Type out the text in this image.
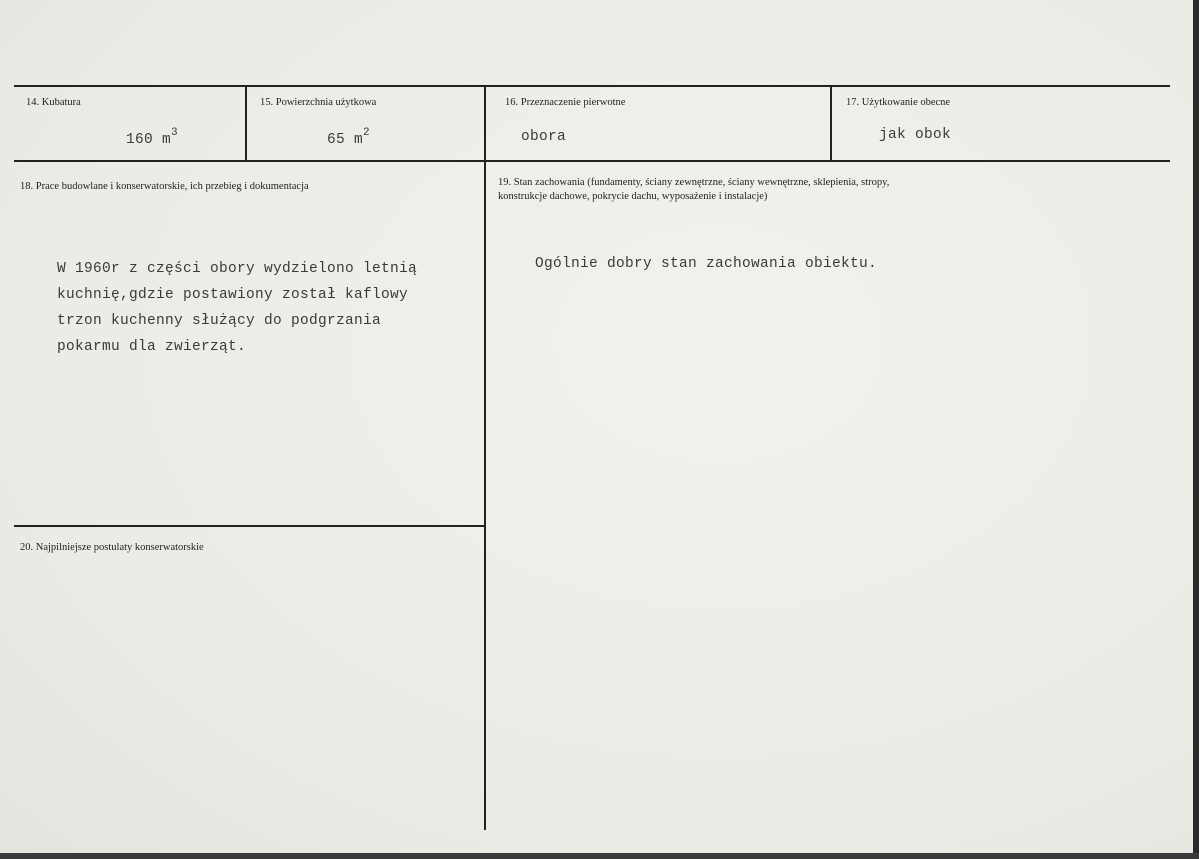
14. Kubatura
160 $m^3$
15. Powierzchnia użytkowa
65 $m^2$
16. Przeznaczenie pierwotne
obora
17. Użytkowanie obecne
jak obok
18. Prace budowlane i konserwatorskie, ich przebieg i dokumentacja
W 1960r z części obory wydzielono letnią
kuchnię,gdzie postawiony został kaflowy
trzon kuchenny służący do podgrzania
pokarmu dla zwierząt.
19. Stan zachowania (fundamenty, ściany zewnętrzne, ściany wewnętrzne, sklepienia, stropy,
konstrukcje dachowe, pokrycie dachu, wyposażenie i instalacje)
Ogólnie dobry stan zachowania obiektu.
20. Najpilniejsze postulaty konserwatorskie
